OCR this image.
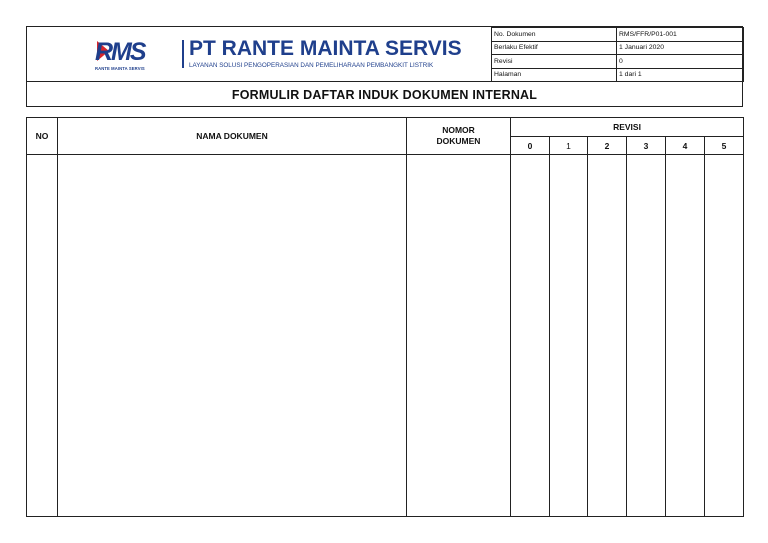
RMS
RANTE MAINTA SERVIS
PT RANTE MAINTA SERVIS
LAYANAN SOLUSI PENGOPERASIAN DAN PEMELIHARAAN PEMBANGKIT LISTRIK
No. Dokumen	RMS/FFR/P01-001
Berlaku Efektif	1 Januari 2020
Revisi	0
Halaman	1 dari 1
FORMULIR DAFTAR INDUK DOKUMEN INTERNAL
NO	NAMA DOKUMEN	NOMOR DOKUMEN	REVISI					
			0	1	2	3	4	5
